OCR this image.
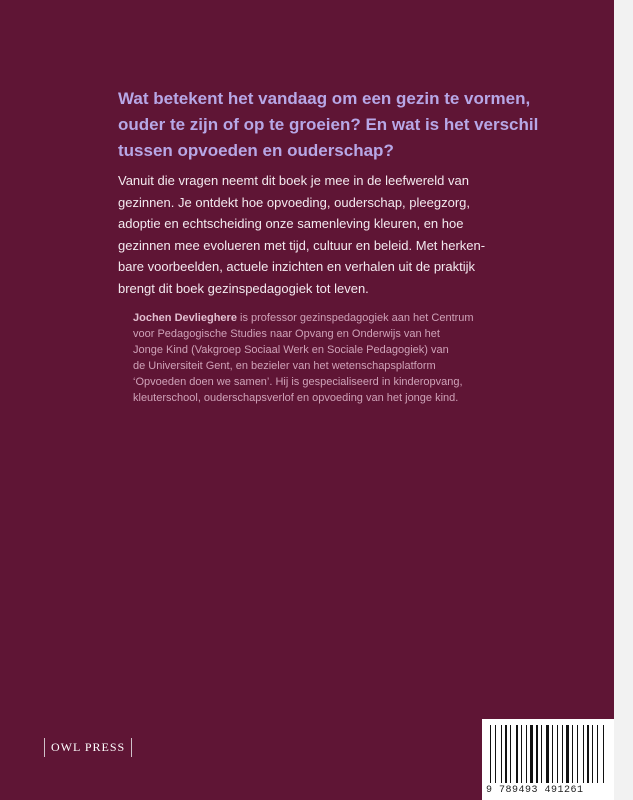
Wat betekent het vandaag om een gezin te vormen,
ouder te zijn of op te groeien? En wat is het verschil
tussen opvoeden en ouderschap?

Vanuit die vragen neemt dit boek je mee in de leefwereld van
gezinnen. Je ontdekt hoe opvoeding, ouderschap, pleegzorg,
adoptie en echtscheiding onze samenleving kleuren, en hoe
gezinnen mee evolueren met tijd, cultuur en beleid. Met herken-
bare voorbeelden, actuele inzichten en verhalen uit de praktijk
brengt dit boek gezinspedagogiek tot leven.

Jochen Devlieghere is professor gezinspedagogiek aan het Centrum
voor Pedagogische Studies naar Opvang en Onderwijs van het
Jonge Kind (Vakgroep Sociaal Werk en Sociale Pedagogiek) van
de Universiteit Gent, en bezieler van het wetenschapsplatform
‘Opvoeden doen we samen’. Hij is gespecialiseerd in kinderopvang,
kleuterschool, ouderschapsverlof en opvoeding van het jonge kind.

OWL PRESS
9 789493 491261
